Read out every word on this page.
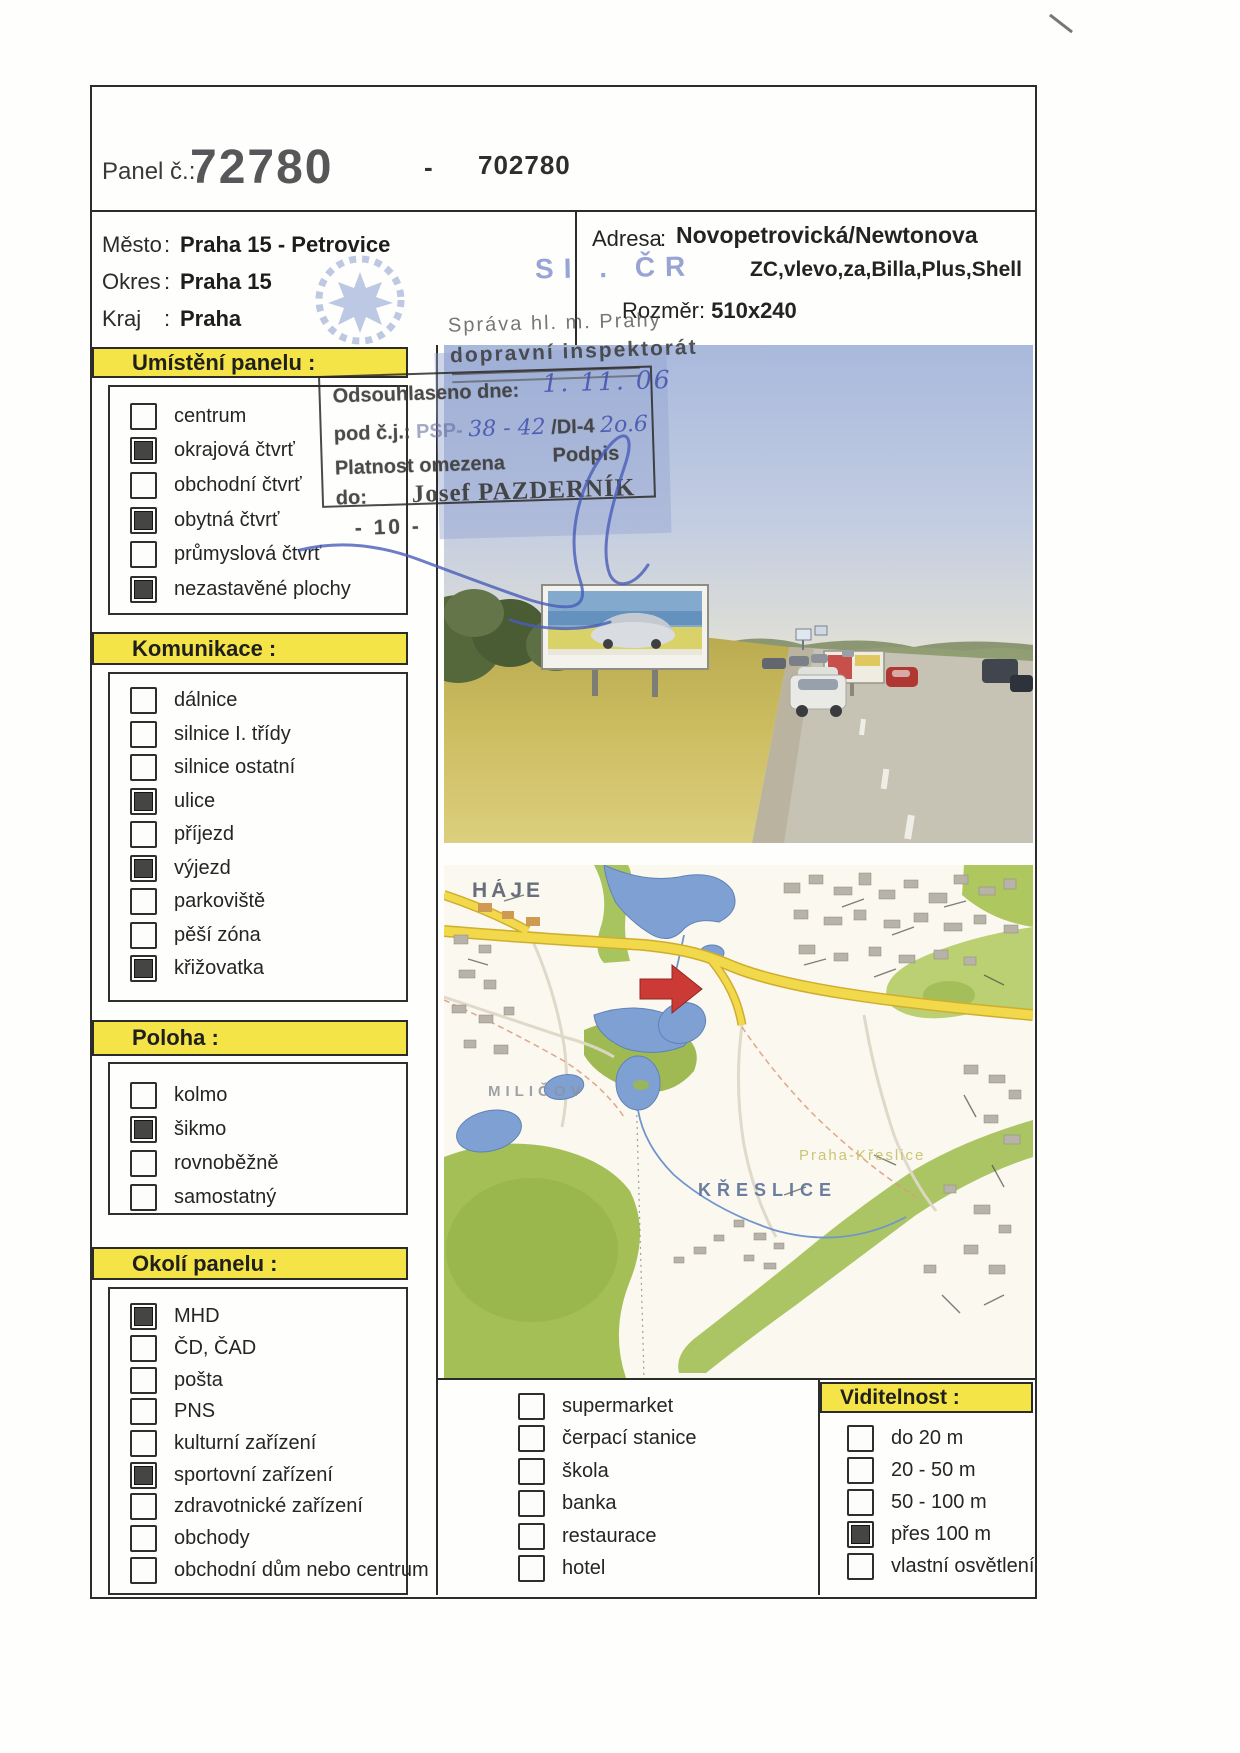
Panel č.:
72780	- 702780
Město : Praha 15 - Petrovice
Okres : Praha 15
Kraj	: Praha
Adresa
: Novopetrovická/Newtonova
ZC,vlevo,za,Billa,Plus,Shell
Rozměr: 510x240
HÁJE
MILIČOV
KŘESLICE
Praha-Křeslice
Umístění panelu :
centrum
okrajová čtvrť
obchodní čtvrť
obytná čtvrť
průmyslová čtvrť
nezastavěné plochy
Komunikace :
dálnice
silnice I. třídy
silnice ostatní
ulice
příjezd
výjezd
parkoviště
pěší zóna
křižovatka
Poloha :
kolmo
šikmo
rovnoběžně
samostatný
Okolí panelu :
MHD
ČD, ČAD
pošta
PNS
kulturní zařízení
sportovní zařízení
zdravotnické zařízení
obchody
obchodní dům nebo centrum
supermarket
čerpací stanice
škola
banka
restaurace
hotel
Viditelnost :
do 20 m
20 - 50 m
50 - 100 m
přes 100 m
vlastní osvětlení
SI . ČR
Správa hl. m. Prahy
dopravní inspektorát
Odsouhlaseno dne: 1. 11. 06
pod č.j.: PSP- 38 - 42 /DI-4 2o.6
Platnost omezena Podpis
do: Josef PAZDERNÍK
- 10 -
